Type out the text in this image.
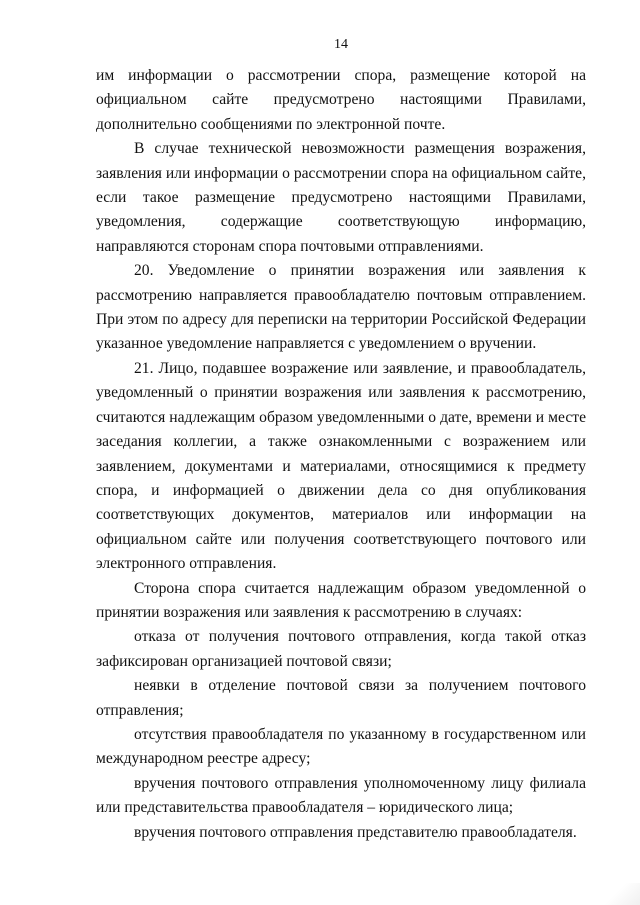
14

им информации о рассмотрении спора, размещение которой на официальном сайте предусмотрено настоящими Правилами, дополнительно сообщениями по электронной почте.

В случае технической невозможности размещения возражения, заявления или информации о рассмотрении спора на официальном сайте, если такое размещение предусмотрено настоящими Правилами, уведомления, содержащие соответствующую информацию, направляются сторонам спора почтовыми отправлениями.

20. Уведомление о принятии возражения или заявления к рассмотрению направляется правообладателю почтовым отправлением. При этом по адресу для переписки на территории Российской Федерации указанное уведомление направляется с уведомлением о вручении.

21. Лицо, подавшее возражение или заявление, и правообладатель, уведомленный о принятии возражения или заявления к рассмотрению, считаются надлежащим образом уведомленными о дате, времени и месте заседания коллегии, а также ознакомленными с возражением или заявлением, документами и материалами, относящимися к предмету спора, и информацией о движении дела со дня опубликования соответствующих документов, материалов или информации на официальном сайте или получения соответствующего почтового или электронного отправления.

Сторона спора считается надлежащим образом уведомленной о принятии возражения или заявления к рассмотрению в случаях:

отказа от получения почтового отправления, когда такой отказ зафиксирован организацией почтовой связи;

неявки в отделение почтовой связи за получением почтового отправления;

отсутствия правообладателя по указанному в государственном или международном реестре адресу;

вручения почтового отправления уполномоченному лицу филиала или представительства правообладателя – юридического лица;

вручения почтового отправления представителю правообладателя.
